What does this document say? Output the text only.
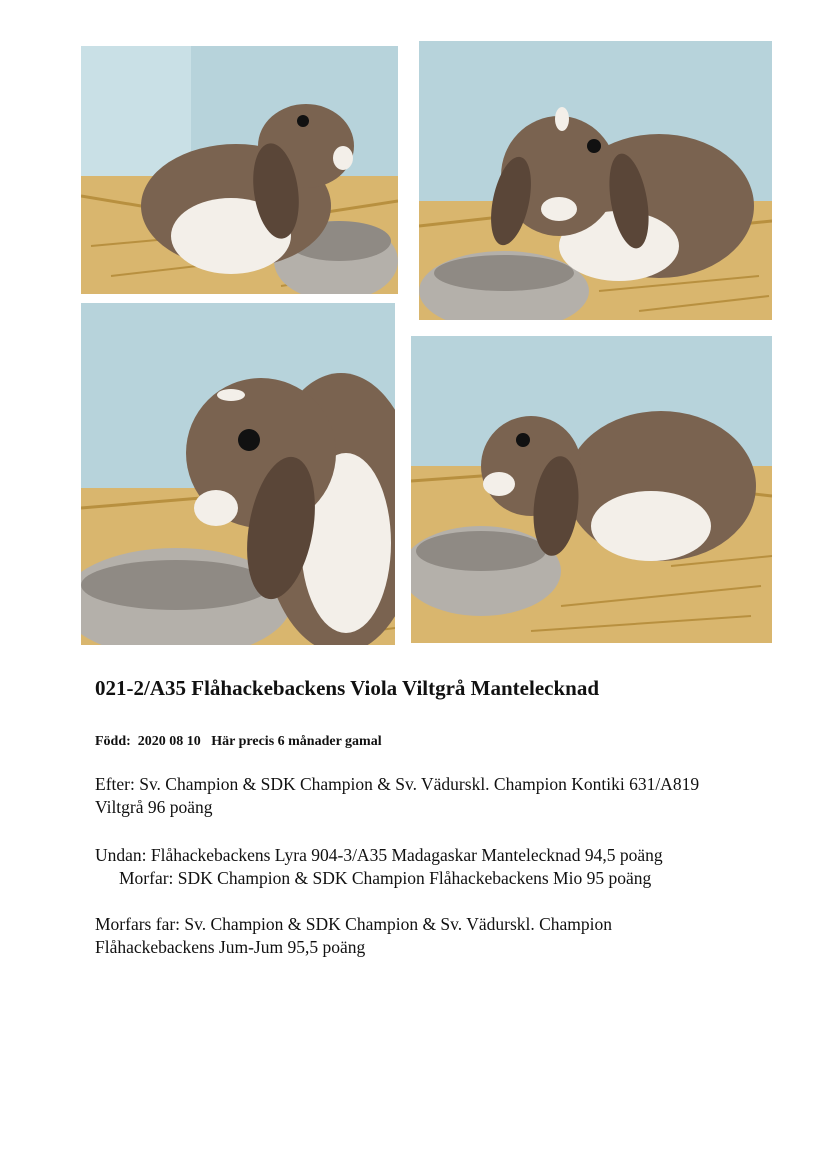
021-2/A35 Flåhackebackens Viola Viltgrå Mantelecknad
Född:  2020 08 10   Här precis 6 månader gamal
Efter: Sv. Champion & SDK Champion & Sv. Vädurskl. Champion Kontiki 631/A819
Viltgrå 96 poäng
Undan: Flåhackebackens Lyra 904-3/A35 Madagaskar Mantelecknad 94,5 poäng
Morfar: SDK Champion & SDK Champion Flåhackebackens Mio 95 poäng
Morfars far: Sv. Champion & SDK Champion & Sv. Vädurskl. Champion
Flåhackebackens Jum-Jum 95,5 poäng
